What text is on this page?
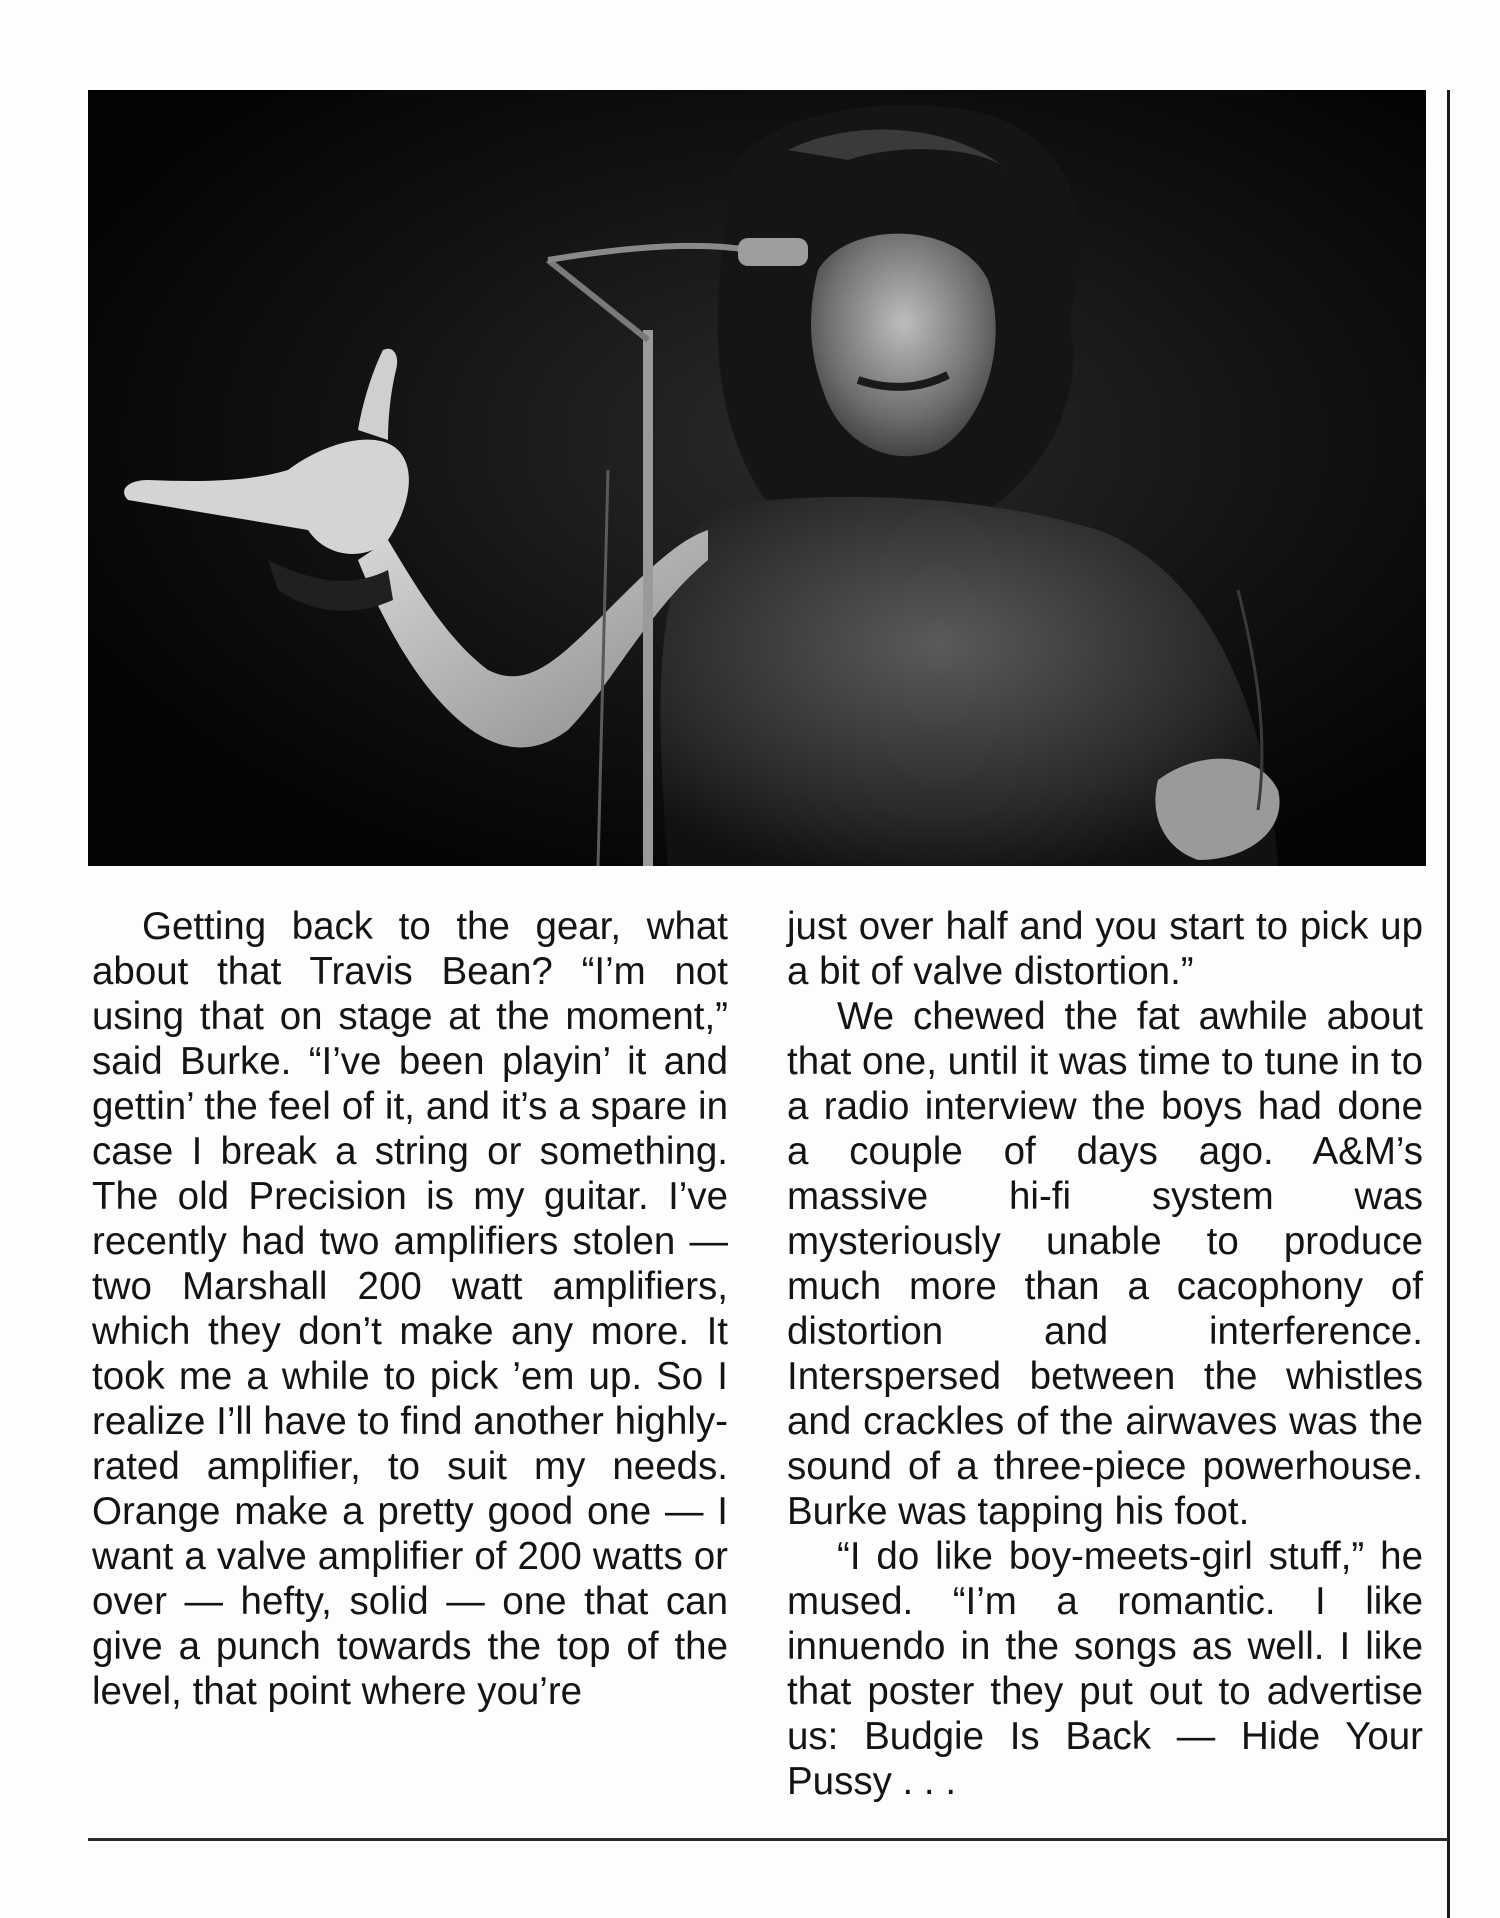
Getting back to the gear, what about that Travis Bean? “I’m not using that on stage at the moment,” said Burke. “I’ve been playin’ it and gettin’ the feel of it, and it’s a spare in case I break a string or something. The old Precision is my guitar. I’ve recently had two amplifiers stolen — two Marshall 200 watt amplifiers, which they don’t make any more. It took me a while to pick ’em up. So I realize I’ll have to find another highly-rated amplifier, to suit my needs. Orange make a pretty good one — I want a valve amplifier of 200 watts or over — hefty, solid — one that can give a punch towards the top of the level, that point where you’re

just over half and you start to pick up a bit of valve distortion.”

We chewed the fat awhile about that one, until it was time to tune in to a radio interview the boys had done a couple of days ago. A&M’s massive hi-fi system was mysteriously unable to produce much more than a cacophony of distortion and interference. Interspersed between the whistles and crackles of the airwaves was the sound of a three-piece powerhouse. Burke was tapping his foot.

“I do like boy-meets-girl stuff,” he mused. “I’m a romantic. I like innuendo in the songs as well. I like that poster they put out to advertise us: Budgie Is Back — Hide Your Pussy . . .
